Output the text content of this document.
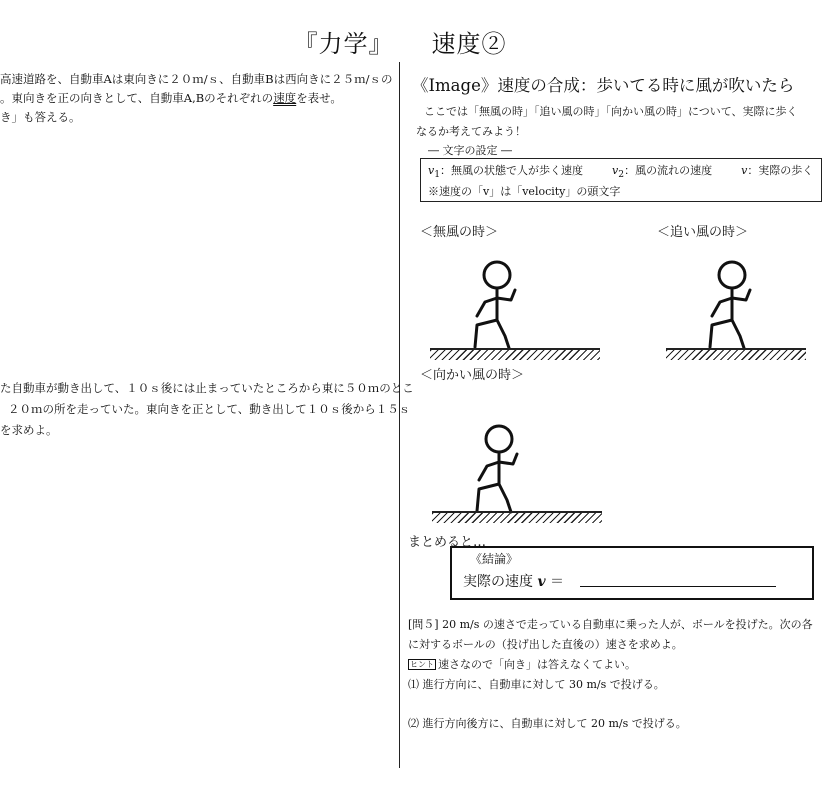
『力学』　　速度②
高速道路を、自動車Aは東向きに２０ｍ/ｓ、自動車Bは西向きに２５ｍ/ｓの
。東向きを正の向きとして、自動車A,Bのそれぞれの速度を表せ。
き」も答える。
た自動車が動き出して、１０ｓ後には止まっていたところから東に５０ｍのとこ
２０ｍの所を走っていた。東向きを正として、動き出して１０ｓ後から１５ｓ
を求めよ。
《Image》速度の合成：歩いてる時に風が吹いたら
ここでは「無風の時」「追い風の時」「向かい風の時」について、実際に歩く
なるか考えてみよう！
― 文字の設定 ―
$v_1$：無風の状態で人が歩く速度	$v_2$：風の流れの速度	v：実際の歩く
※速度の「v」は「velocity」の頭文字
＜無風の時＞	＜追い風の時＞
＜向かい風の時＞
まとめると…
《結論》
実際の速度 v ＝
[問５] 20 m/s の速さで走っている自動車に乗った人が、ボールを投げた。次の各
に対するボールの（投げ出した直後の）速さを求めよ。
ヒント 速さなので「向き」は答えなくてよい。
⑴ 進行方向に、自動車に対して 30 m/s で投げる。
⑵ 進行方向後方に、自動車に対して 20 m/s で投げる。
